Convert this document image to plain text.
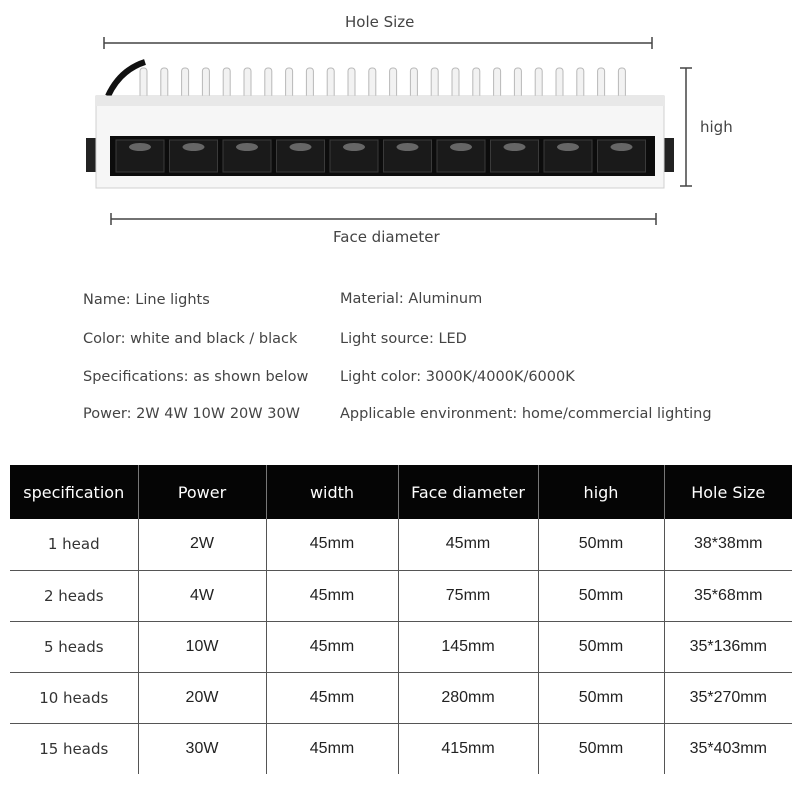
Hole Size
high
Face diameter
Name: Line lights
Color: white and black / black
Specifications: as shown below
Power: 2W 4W 10W 20W 30W
Material: Aluminum
Light source: LED
Light color: 3000K/4000K/6000K
Applicable environment: home/commercial lighting
specification	Power	width	Face diameter	high	Hole Size
1 head	2W	45mm	45mm	50mm	38*38mm
2 heads	4W	45mm	75mm	50mm	35*68mm
5 heads	10W	45mm	145mm	50mm	35*136mm
10 heads	20W	45mm	280mm	50mm	35*270mm
15 heads	30W	45mm	415mm	50mm	35*403mm
